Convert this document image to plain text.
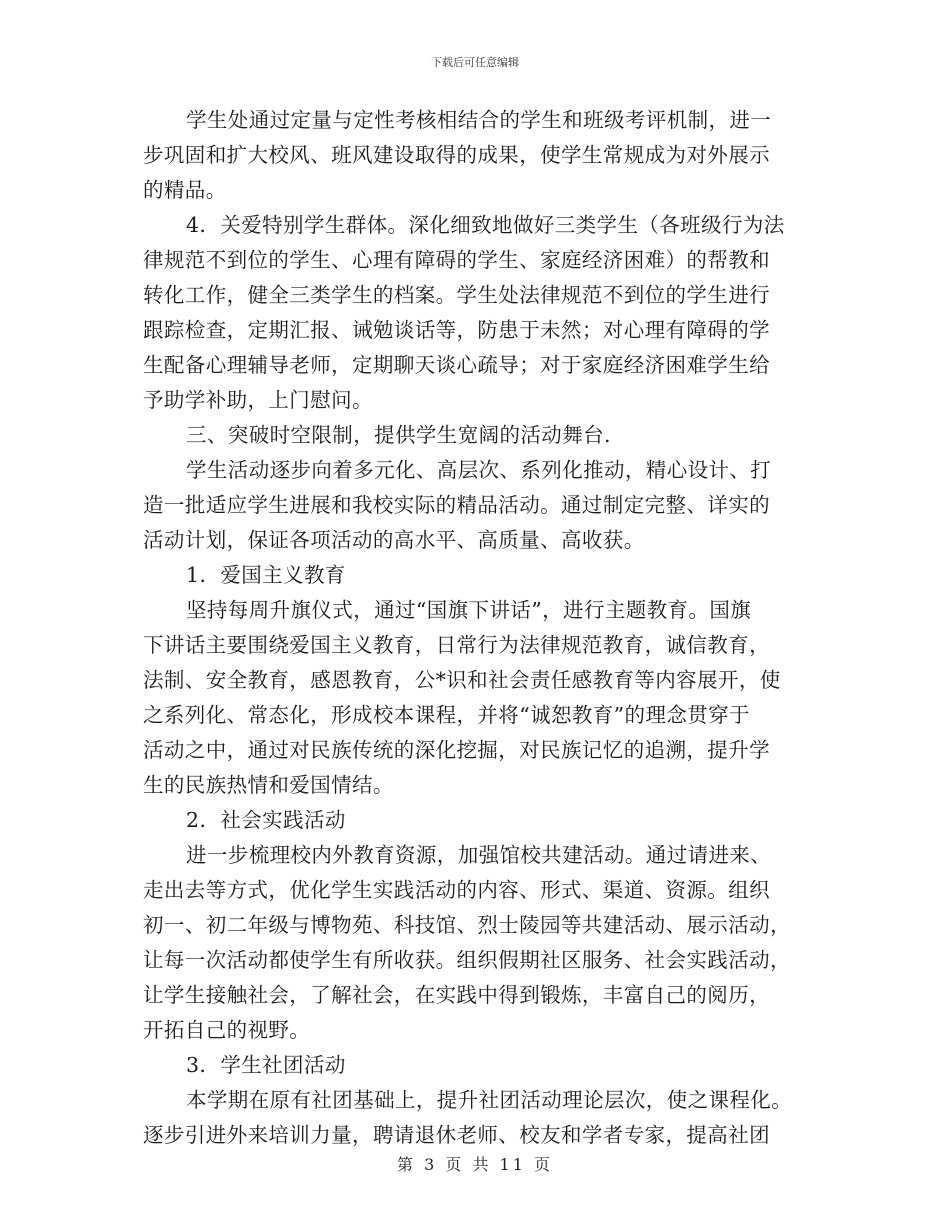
下载后可任意编辑
学生处通过定量与定性考核相结合的学生和班级考评机制，进一
步巩固和扩大校风、班风建设取得的成果，使学生常规成为对外展示
的精品。
4．关爱特别学生群体。深化细致地做好三类学生（各班级行为法
律规范不到位的学生、心理有障碍的学生、家庭经济困难）的帮教和
转化工作，健全三类学生的档案。学生处法律规范不到位的学生进行
跟踪检查，定期汇报、诫勉谈话等，防患于未然；对心理有障碍的学
生配备心理辅导老师，定期聊天谈心疏导；对于家庭经济困难学生给
予助学补助，上门慰问。
三、突破时空限制，提供学生宽阔的活动舞台.
学生活动逐步向着多元化、高层次、系列化推动，精心设计、打
造一批适应学生进展和我校实际的精品活动。通过制定完整、详实的
活动计划，保证各项活动的高水平、高质量、高收获。
1．爱国主义教育
坚持每周升旗仪式，通过“国旗下讲话”，进行主题教育。国旗
下讲话主要围绕爱国主义教育，日常行为法律规范教育，诚信教育，
法制、安全教育，感恩教育，公*识和社会责任感教育等内容展开，使
之系列化、常态化，形成校本课程，并将“诚恕教育”的理念贯穿于
活动之中，通过对民族传统的深化挖掘，对民族记忆的追溯，提升学
生的民族热情和爱国情结。
2．社会实践活动
进一步梳理校内外教育资源，加强馆校共建活动。通过请进来、
走出去等方式，优化学生实践活动的内容、形式、渠道、资源。组织
初一、初二年级与博物苑、科技馆、烈士陵园等共建活动、展示活动，
让每一次活动都使学生有所收获。组织假期社区服务、社会实践活动，
让学生接触社会，了解社会，在实践中得到锻炼，丰富自己的阅历，
开拓自己的视野。
3．学生社团活动
本学期在原有社团基础上，提升社团活动理论层次，使之课程化。
逐步引进外来培训力量，聘请退休老师、校友和学者专家，提高社团
第 3 页 共 11 页
